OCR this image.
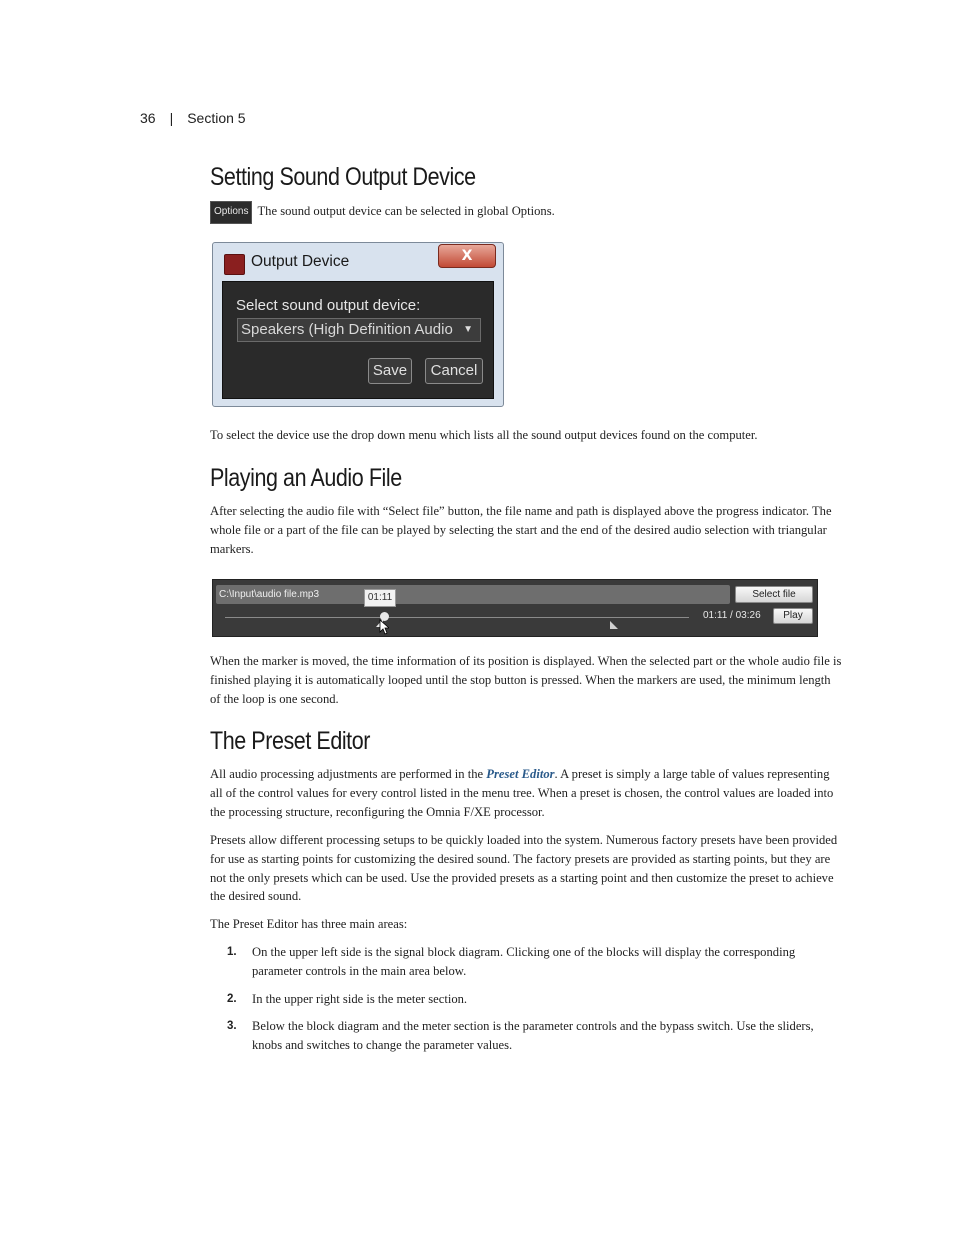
36 | Section 5
Setting Sound Output Device

Options The sound output device can be selected in global Options.

Output Device	X
Select sound output device:
Speakers (High Definition Audio ▼
Save	Cancel

To select the device use the drop down menu which lists all the sound output devices found on the computer.

Playing an Audio File

After selecting the audio file with “Select file” button, the file name and path is displayed above the progress indicator. The whole file or a part of the file can be played by selecting the start and the end of the desired audio selection with triangular markers.

C:\Input\audio file.mp3	01:11	Select file
01:11 / 03:26	Play

When the marker is moved, the time information of its position is displayed. When the selected part or the whole audio file is finished playing it is automatically looped until the stop button is pressed. When the markers are used, the minimum length of the loop is one second.

The Preset Editor

All audio processing adjustments are performed in the Preset Editor. A preset is simply a large table of values representing all of the control values for every control listed in the menu tree. When a preset is chosen, the control values are loaded into the processing structure, reconfiguring the Omnia F/XE processor.

Presets allow different processing setups to be quickly loaded into the system. Numerous factory presets have been provided for use as starting points for customizing the desired sound. The factory presets are provided as starting points, but they are not the only presets which can be used. Use the provided presets as a starting point and then customize the preset to achieve the desired sound.

The Preset Editor has three main areas:

1. On the upper left side is the signal block diagram. Clicking one of the blocks will display the corresponding parameter controls in the main area below.
2. In the upper right side is the meter section.
3. Below the block diagram and the meter section is the parameter controls and the bypass switch. Use the sliders, knobs and switches to change the parameter values.
